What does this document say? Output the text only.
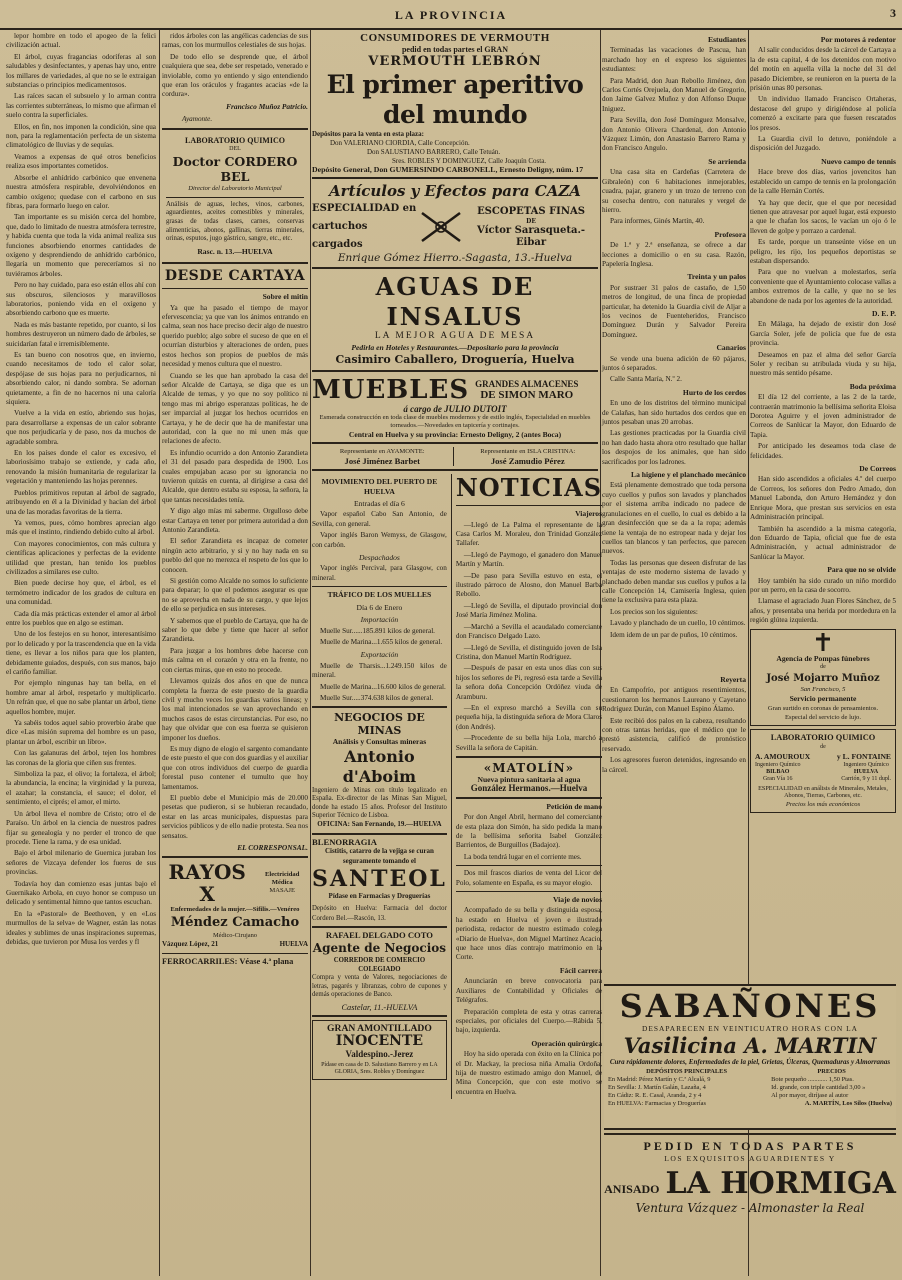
LA PROVINCIA	3

lepor hombre en todo el apogeo de la felici civilización actual.

El árbol, cuyas fragancias odoríferas al son saludables y desinfectantes, y apenas hay uno, entre los millares de variedades, al que no se le extraigan substancias o principios medicamentosos.

Las raíces sacan el subsuelo y lo arman contra las corrientes subterráneas, lo mismo que afirman el suelo contra la superficiales.

Ellos, en fin, nos imponen la condición, sine qua non, para la reglamentación perfecta de un sistema climatológico de lluvias y de sequías.

Veamos a expensas de qué otros beneficios realiza esos importantes cometidos.

Absorbe el anhídrido carbónico que envenena nuestra atmósfera respirable, devolviéndonos en cambio oxígeno; quedase con el carbono en sus fibras, para formarlo luego en calor.

Tan importante es su misión cerca del hombre, que, dado lo limitado de nuestra atmósfera terrestre, y habida cuenta que toda la vida animal realiza sus funciones absorbiendo enormes cantidades de oxígeno y desprendiendo de anhídrido carbónico, llegaría un momento que pereceríamos si no tuviéramos árboles.

Pero no hay cuidado, para eso están ellos ahí con sus obscuros, silenciosos y maravillosos laboratorios, poniendo vida en el oxígeno y absorbiendo carbono que es muerte.

Nada es más bastante repetido, por cuanto, si los hombres destruyeron un número dado de árboles, se suicidarían fatal e irremisiblemente.

Es tan bueno con nosotros que, en invierno, cuando necesitamos de todo el calor solar, despójase de sus hojas para no perjudicarnos, ni absorbiendo calor, ni dando sombra. Se adornan quietamente, a fin de no hacernos ni una caloría siquiera.

Vuelve a la vida en estío, abriendo sus hojas, para desarrollarse a expensas de un calor sobrante que nos perjudicaría y de paso, nos da muchos de agradable sombra.

En los países donde el calor es excesivo, el laboriosísimo trabajo se extiende, y cada año, renovando la misión humanitaria de regularizar la vegetación y manteniendo las hojas perennes.

Pueblos primitivos reputan al árbol de sagrado, atribuyendo en él a la Divinidad y hacían del árbol una de las moradas favoritas de la tierra.

Ya vemos, pues, cómo hombres aprecian algo más que el instinto, rindiendo debido culto al árbol.

Con mayores conocimientos, con más cultura y científicas aplicaciones y perfectas de la evidente utilidad que prestan, han tenido los pueblos civilizados a similares ese culto.

Bien puede decirse hoy que, el árbol, es el termómetro indicador de los grados de cultura en una comunidad.

Cada día más prácticas extender el amor al árbol entre los pueblos que en algo se estiman.

Uno de los festejos en su honor, interesantísimo por lo delicado y por la trascendencia que en la vida tiene, es llevar a los niños para que los planten, debidamente guiados, después, con sus manos, bajo el cariño familiar.

Por ejemplo ningunas hay tan bella, en el hombre amar al árbol, respetarlo y multiplicarlo. Un refrán que, el que no sabe plantar un árbol, tiene aquellos hombre, mujer.

Ya sabéis todos aquel sabio proverbio árabe que dice «Las misión suprema del hombre es un paso, plantar un árbol, escribir un libro».

Con las galanuras del árbol, tejen los hombres las coronas de la gloria que ciñen sus frentes.

Simboliza la paz, el olivo; la fortaleza, el árbol; la abundancia, la encina; la virginidad y la pureza, el azahar; la constancia, el sauce; el dolor, el sentimiento, el ciprés; el amor, el mirto.

Un árbol lleva el nombre de Cristo; otro el de Paraíso. Un árbol en la ciencia de nuestros padres fijar su genealogía y no perder el tronco de que procede. Tiene la rama, y de esa unidad.

Bajo el árbol milenario de Guernica juraban los señores de Vizcaya defender los fueros de sus provincias.

Todavía hoy dan comienzo esas juntas bajo el Guernikako Arbola, en cuyo honor se compuso un delicado y sentimental himno que tantos escuchan.

En la «Pastoral» de Beethoven, y en «Los murmullos de la selva» de Wagner, están las notas ideales y sublimes de unas inspiraciones supremas, debidas, que tuvieron por Musa los verdes y fl

ridos árboles con las angélicas cadencias de sus ramas, con los murmullos celestiales de sus hojas.

De todo ello se desprende que, el árbol cualquiera que sea, debe ser respetado, venerado e inviolable, como yo entiendo y sigo entendiendo que eran los oráculos y fragantes acacias «de la cordura».

Francisco Muñoz Patricio.
Ayamonte.
LABORATORIO QUIMICO
DEL
Doctor CORDERO BEL
Director del Laboratorio Municipal
Análisis de aguas, leches, vinos, carbones, aguardientes, aceites comestibles y minerales, grasas de todas clases, carnes, conservas alimenticias, abonos, gallinas, tierras minerales, orinas, esputos, jugo gástrico, sangre, etc., etc.
Rasc. n. 13.—HUELVA
DESDE CARTAYA
Sobre el mitin

Ya que ha pasado el tiempo de mayor efervescencia; ya que van los ánimos entrando en calma, sean nos hace preciso decir algo de nuestro querido pueblo; algo sobre el suceso de que en el ocurrían disturbios y alteraciones de orden, pues estos hechos son propios de pueblos de más necesidad y menos cultura que el nuestro.

Cuando se les que han aprobado la casa del señor Alcalde de Cartaya, se diga que es un Alcalde de temas, y yo que no soy político ni tengo mas mi abrigo esperanzas políticas, he de ser imparcial al juzgar los hechos ocurridos en Cartaya, y he de decir que ha de manifestar una autoridad, con la que no mi unen más que relaciones de afecto.

Es infundio ocurrido a don Antonio Zarandieta el 31 del pasado para despedida de 1900. Los cuales empujaban acaso por su ignorancia no tuvieron quizás en cuenta, al dirigirse a casa del Alcalde, que dentro estaba su esposa, la señora, la que tantas necesidades tenía.

Y digo algo mías mi saberme. Orgulloso debe estar Cartaya en tener por primera autoridad a don Antonio Zarandieta.

El señor Zarandieta es incapaz de cometer ningún acto arbitrario, y si y no hay nada en su pueblo del que no merezca el respeto de los que lo conocen.

Si gestión como Alcalde no somos lo suficiente para deparar; lo que el podemos asegurar es que no se aprovecha en nada de su cargo, y que lejos de ello se perjudica en sus intereses.

Y sabemos que el pueblo de Cartaya, que ha de saber lo que debe y tiene que hacer al señor Zarandieta.

Para juzgar a los hombres debe hacerse con más calma en el corazón y otra en la frente, no con ciertas miras, que en esto no procede.

Llevamos quizás dos años en que de nunca completa la fuerza de este puesto de la guardia civil y mucho veces los guardias varios lineas; y los mal intencionados se van aprovechando en muchos casos de estas circunstancias. Por eso, no hay que olvidar que con esa fuerza se quisieron imponer los dueños.

Es muy digno de elogio el sargento comandante de este puesto el que con dos guardias y el auxiliar que con otros individuos del cuerpo de guardia forestal puso contener el tumulto que hoy lamentamos.

El pueblo debe el Municipio más de 20.000 pesetas que pudieron, si se hubieran recaudado, estar en las arcas municipales, dispuestas para servicios públicos y de ello nadie protesta. Sea nos sensatos.

EL CORRESPONSAL.
RAYOS X
Electricidad Médica
MASAJE
Enfermedades de la mujer.—Sifilis.—Venéreo
Méndez Camacho
Médico-Cirujano
Vázquez López, 21	HUELVA
FERROCARRILES: Véase 4.ª plana
CONSUMIDORES DE VERMOUTH
pedid en todas partes el GRAN
VERMOUTH LEBRÓN
El primer aperitivo del mundo
Depósitos para la venta en esta plaza:
Don VALERIANO CIORDIA, Calle Concepción.
Don SALUSTIANO BARRERO, Calle Tetuán.
Sres. ROBLES Y DOMINGUEZ, Calle Joaquín Costa.
Depósito General, Don GUMERSINDO CARBONELL, Ernesto Deligny, núm. 17
Artículos y Efectos para CAZA
ESPECIALIDAD en
cartuchos cargados
ESCOPETAS FINAS
DE
Víctor Sarasqueta.-Eibar
Enrique Gómez Hierro.-Sagasta, 13.-Huelva
AGUAS DE INSALUS
LA MEJOR AGUA DE MESA
Pedirla en Hoteles y Restaurantes.—Depositario para la provincia
Casimiro Caballero, Droguería, Huelva
MUEBLES GRANDES ALMACENES
DE SIMON MARO
á cargo de JULIO DUTOIT
Esmerada construcción en toda clase de muebles modernos y de estilo inglés, Especialidad en muebles torneados.—Novedades en tapicería y cortinajes.
Central en Huelva y su provincia: Ernesto Deligny, 2 (antes Boca)
Representante en AYAMONTE:
José Jiménez Barbet
Representante en ISLA CRISTINA:
José Zamudio Pérez
MOVIMIENTO DEL PUERTO DE HUELVA
Entradas el día 6

Vapor español Cabo San Antonio, de Sevilla, con general.

Vapor inglés Baron Wemyss, de Glasgow, con carbón.

Despachados

Vapor inglés Percival, para Glasgow, con mineral.

TRÁFICO DE LOS MUELLES
Día 6 de Enero
Importación

Muelle Sur......185.891 kilos de general.

Muelle de Marina...1.655 kilos de general.

Exportación

Muelle de Tharsis...1.249.150 kilos de mineral.

Muelle de Marina...16.600 kilos de general.

Muelle Sur.....374.638 kilos de general.

NEGOCIOS DE MINAS
Análisis y Consultas mineras
Antonio d'Aboim
Ingeniero de Minas con título legalizado en España. Ex-director de las Minas San Miguel, donde ha estado 15 años. Profesor del Instituto Superior Técnico de Lisboa.
OFICINA: San Fernando, 19.—HUELVA
BLENORRAGIA
Cistitis, catarro de la vejiga se curan seguramente tomando el
SANTEOL
Pídase en Farmacias y Droguerías
Depósito en Huelva: Farmacia del doctor Cordero Bel.—Rascón, 13.
RAFAEL DELGADO COTO
Agente de Negocios
CORREDOR DE COMERCIO COLEGIADO
Compra y venta de Valores, negociaciones de letras, pagarés y libranzas, cobro de cupones y demás operaciones de Banco.
Castelar, 11.-HUELVA
GRAN AMONTILLADO
INOCENTE
Valdespino.-Jerez
Pídase en casa de D. Salustiano Barrero y en LA GLORIA, Sres. Robles y Domínguez
NOTICIAS
Viajeros

—Llegó de La Palma el representante de la Casa Carlos M. Moraleu, don Trinidad González Tallafer.

—Llegó de Paymogo, el ganadero don Manuel Martín y Martín.

—De paso para Sevilla estuvo en esta, el ilustrado párroco de Alosno, don Manuel Barba Rebollo.

—Llegó de Sevilla, el diputado provincial don José María Jiménez Molina.

—Marchó a Sevilla el acaudalado comerciante don Francisco Delgado Lazo.

—Llegó de Sevilla, el distinguido joven de Isla Cristina, don Manuel Martín Rodríguez.

—Después de pasar en esta unos días con sus hijos los señores de Pi, regresó esta tarde a Sevilla la señora doña Concepción Ordóñez viuda de Aramburu.

—En el expreso marchó a Sevilla con su pequeña hija, la distinguida señora de Mora Claros (don Andrés).

—Procedente de su bella hija Lola, marchó a Sevilla la señora de Capitán.

«MATOLÍN»
Nueva pintura sanitaria al agua
González Hermanos.—Huelva
Petición de mano

Por don Angel Abril, hermano del comerciante de esta plaza don Simón, ha sido pedida la mano de la bellísima señorita Isabel González Barrientos, de Burguillos (Badajoz).

La boda tendrá lugar en el corriente mes.

Dos mil frascos diarios de venta del Licor del Polo, solamente en España, es su mayor elogio.

Viaje de novios

Acompañado de su bella y distinguida esposa, ha estado en Huelva el joven e ilustrado periodista, redactor de nuestro estimado colega «Diario de Huelva», don Miguel Martínez Acacio, que hace unos días contrajo matrimonio en la Corte.

Fácil carrera

Anunciarán en breve convocatoria para Auxiliares de Contabilidad y Oficiales de Telégrafos.

Preparación completa de esta y otras carreras especiales, por oficiales del Cuerpo.—Rábida 5, bajo, izquierda.

Operación quirúrgica

Hoy ha sido operada con éxito en la Clínica por el Dr. Mackay, la preciosa niña Amalia Ordoña, hija de nuestro estimado amigo don Manuel, de Mina Concepción, que con este motivo se encuentra en Huelva.

Estudiantes

Terminadas las vacaciones de Pascua, han marchado hoy en el expreso los siguientes estudiantes:

Para Madrid, don Juan Rebollo Jiménez, don Carlos Cortés Orejuela, don Manuel de Gregorio, don Jaime Galvez Muñoz y don Alfonso Duque Iniguez.

Para Sevilla, don José Domínguez Monsalve, don Antonio Olivera Chardenal, don Antonio Vázquez Limón, don Anastasio Barrero Rama y don Francisco Angulo.

Se arrienda

Una casa sita en Cardeñas (Carretera de Gibraleón) con 6 habitaciones inmejorables, cuadra, pajar, granero y un trozo de terreno con su cosecha dentro, con naturales y vergel de hierro.

Para informes, Ginés Martín, 40.

Profesora

De 1.ª y 2.ª enseñanza, se ofrece a dar lecciones a domicilio o en su casa. Razón, Papelería Inglesa.

Treinta y un palos

Por sustraer 31 palos de castaño, de 1,50 metros de longitud, de una finca de propiedad particular, ha detenido la Guardia civil de Aljar a los vecinos de Fuenteheridos, Francisco Domínguez Durán y Salvador Pereira Domínguez.

Canarios

Se vende una buena adición de 60 pájaros, juntos ó separados.

Calle Santa María, N.º 2.

Hurto de los cerdos

En uno de los distritos del término municipal de Calañas, han sido hurtados dos cerdos que en juntos pesaban unas 20 arrobas.

Las gestiones practicadas por la Guardia civil no han dado hasta ahora otro resultado que hallar los despojos de los animales, que han sido sacrificados por los ladrones.

La higiene y el planchado mecánico

Está plenamente demostrado que toda persona cuyo cuellos y puños son lavados y planchados por el sistema arriba indicado no padece de granulaciones en el cuello, lo cual es debido a la gran desinfección que se da a la ropa; además tiene la ventaja de no estropear nada y dejar los cuellos tan blancos y tan perfectos, que parecen nuevos.

Todas las personas que deseen disfrutar de las ventajas de este moderno sistema de lavado y planchado deben mandar sus cuellos y puños a la calle Concepción 14, Camisería Inglesa, quien tiene la exclusiva para esta plaza.

Los precios son los siguientes:

Lavado y planchado de un cuello, 10 céntimos.

Idem idem de un par de puños, 10 céntimos.

Reyerta

En Campofrío, por antiguos resentimientos, cuestionaron los hermanos Laureano y Cayetano Rodríguez Durán, con Manuel Espino Álamo.

Este recibió dos palos en la cabeza, resultando con otras tantas heridas, que el médico que le prestó asistencia, calificó de pronóstico reservado.

Los agresores fueron detenidos, ingresando en la cárcel.

Por motores á redentor

Al salir conducidos desde la cárcel de Cartaya a la de esta capital, 4 de los detenidos con motivo del motín en aquella villa la noche del 31 del pasado Diciembre, se reunieron en la puerta de la prisión unas 80 personas.

Un individuo llamado Francisco Ortaheras, destacose del grupo y dirigiéndose al policía comenzó a excitarte para que fuesen rescatados los presos.

La Guardia civil lo detuvo, poniéndole a disposición del Juzgado.

Nuevo campo de tennis

Hace breve dos días, varios jovencitos han establecido un campo de tennis en la prolongación de la calle Hernán Cortés.

Ya hay que decir, que el que por necesidad tienen que atravesar por aquel lugar, está expuesto a que le chafan los sacos, le vacían un ojo ó le lleven de golpe y porrazo a cardenal.

Es tarde, porque un transeúnte vióse en un peligro, les rijo, los pequeños deportistas se estaban dispersando.

Para que no vuelvan a molestarlos, sería conveniente que el Ayuntamiento colocase vallas a ambos extremos de la calle, y que no se les abandone de nada por los agentes de la autoridad.

D. E. P.

En Málaga, ha dejado de existir don José García Soler, jefe de policía que fue de esta provincia.

Deseamos en paz el alma del señor García Soler y reciban su atribulada viuda y su hija, nuestro más sentido pésame.

Boda próxima

El día 12 del corriente, a las 2 de la tarde, contraerán matrimonio la bellísima señorita Eloisa Dorotea Aguirre y el joven administrador de Correos de Sanlúcar la Mayor, don Eduardo de Tapia.

Por anticipado les deseamos toda clase de felicidades.

De Correos

Han sido ascendidos a oficiales 4.º del cuerpo de Correos, los señores don Pedro Amado, don Manuel Labonda, don Arturo Hernández y don Enrique Mora, que prestan sus servicios en esta Administración principal.

También ha ascendido a la misma categoría, don Eduardo de Tapia, oficial que fue de esta Administración, y actual administrador de Sanlúcar la Mayor.

Para que no se olvide

Hoy también ha sido curado un niño mordido por un perro, en la casa de socorro.

Llamase el agraciado Juan Flores Sánchez, de 5 años, y presentaba una herida por mordedura en la región glútea izquierda.

Agencia de Pompas fúnebres
de
José Mojarro Muñoz
San Francisco, 5
Servicio permanente
Gran surtido en coronas de pensamientos.
Especial del servicio de lujo.
LABORATORIO QUIMICO
de
A. AMOUROUX	y L. FONTAINE
Ingeniero Químico
BILBAO
Gran Vía 16
Ingeniero Químico
HUELVA
Carrión, 9 y 11 dupl.
ESPECIALIDAD en análisis de Minerales, Metales, Abonos, Tierras, Carbones, etc.
Precios los más económicos
SABAÑONES
DESAPARECEN EN VEINTICUATRO HORAS CON LA
Vasilicina A. MARTIN
Cura rápidamente dolores, Enfermedades de la piel, Grietas, Úlceras, Quemaduras y Almorranas
DEPÓSITOS PRINCIPALES
En Madrid: Pérez Martín y C.ª Alcalá, 9
En Sevilla: J. Martín Galán, Lazaña, 4
En Cádiz: R. E. Casal, Aranda, 2 y 4
En HUELVA: Farmacias y Droguerías
PRECIOS
Bote pequeño ............ 1,50 Ptas.
Id. grande, con triple cantidad 3,00 »
Al por mayor, diríjase al autor
A. MARTÍN, Los Silos (Huelva)
PEDID EN TODAS PARTES
LOS EXQUISITOS AGUARDIENTES Y
ANISADO LA HORMIGA
Ventura Vázquez - Almonaster la Real
